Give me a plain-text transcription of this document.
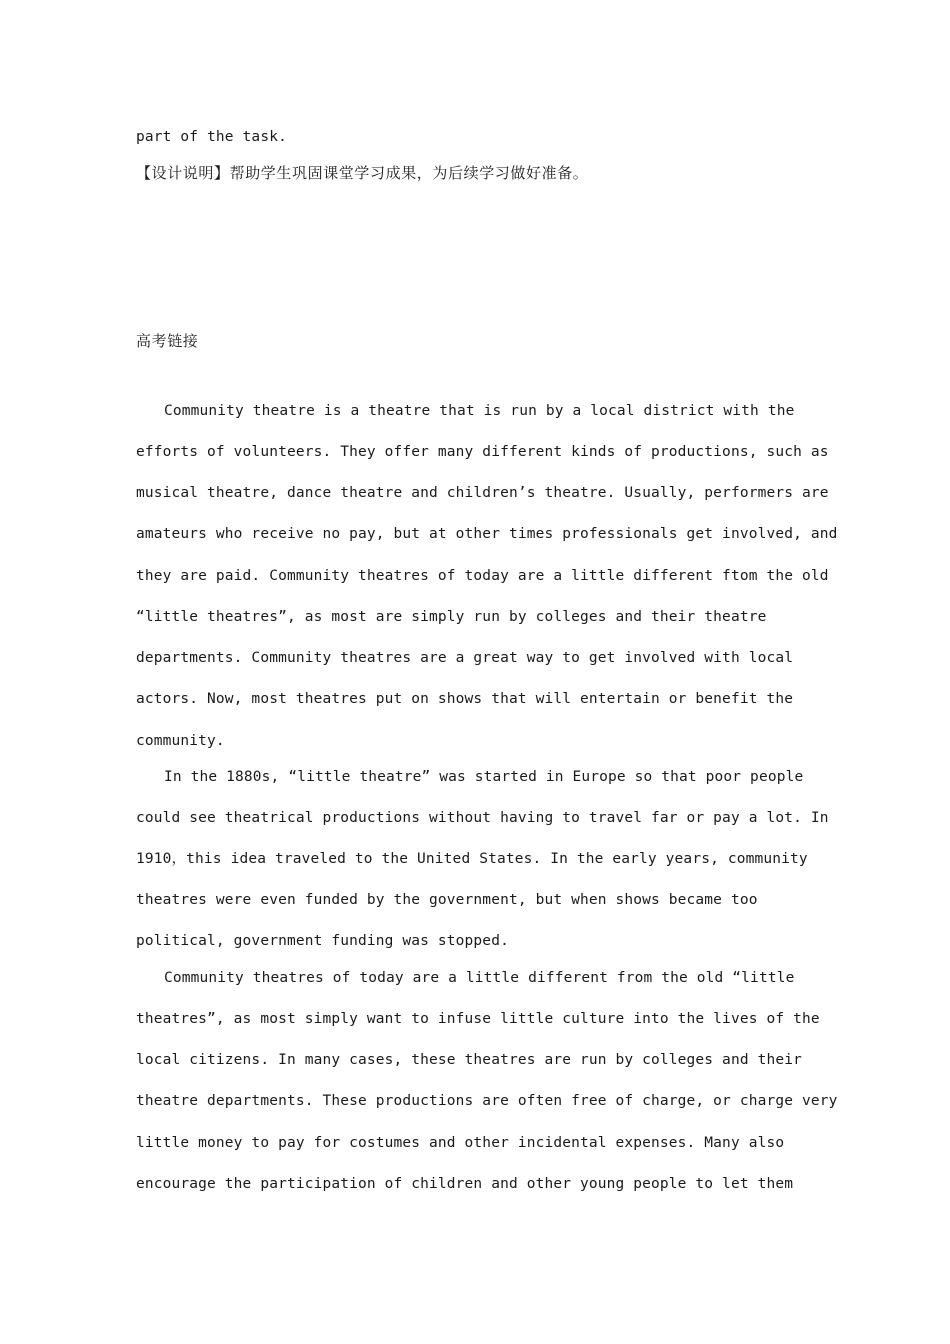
part of the task.
【设计说明】帮助学生巩固课堂学习成果，为后续学习做好准备。
高考链接
Community theatre is a theatre that is run by a local district with the
efforts of volunteers. They offer many different kinds of productions, such as
musical theatre, dance theatre and children’s theatre. Usually, performers are
amateurs who receive no pay, but at other times professionals get involved, and
they are paid. Community theatres of today are a little different ftom the old
“little theatres”, as most are simply run by colleges and their theatre
departments. Community theatres are a great way to get involved with local
actors. Now, most theatres put on shows that will entertain or benefit the
community.
In the 1880s, “little theatre” was started in Europe so that poor people
could see theatrical productions without having to travel far or pay a lot. In
1910，this idea traveled to the United States. In the early years, community
theatres were even funded by the government, but when shows became too
political, government funding was stopped.
Community theatres of today are a little different from the old “little
theatres”, as most simply want to infuse little culture into the lives of the
local citizens. In many cases, these theatres are run by colleges and their
theatre departments. These productions are often free of charge, or charge very
little money to pay for costumes and other incidental expenses. Many also
encourage the participation of children and other young people to let them
